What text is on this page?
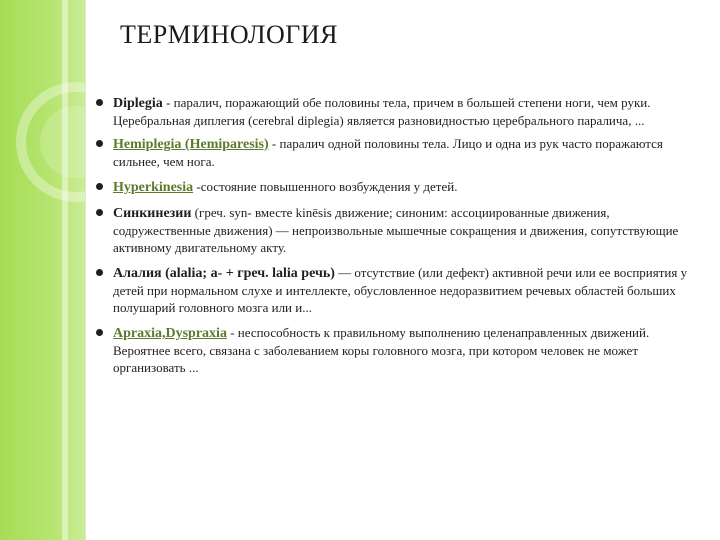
ТЕРМИНОЛОГИЯ
Diplegia - паралич, поражающий обе половины тела, причем в большей степени ноги, чем руки. Церебральная диплегия (cerebral diplegia) является разновидностью церебрального паралича, ...
Hemiplegia (Hemiparesis) - паралич одной половины тела. Лицо и одна из рук часто поражаются сильнее, чем нога.
Hyperkinesia -состояние повышенного возбуждения у детей.
Синкинезии (греч. syn- вместе kinēsis движение; синоним: ассоциированные движения, содружественные движения) — непроизвольные мышечные сокращения и движения, сопутствующие активному двигательному акту.
Алалия (alalia; а- + греч. lalia речь) — отсутствие (или дефект) активной речи или ее восприятия у детей при нормальном слухе и интеллекте, обусловленное недоразвитием речевых областей больших полушарий головного мозга или и...
Apraxia,Dyspraxia - неспособность к правильному выполнению целенаправленных движений. Вероятнее всего, связана с заболеванием коры головного мозга, при котором человек не может организовать ...
